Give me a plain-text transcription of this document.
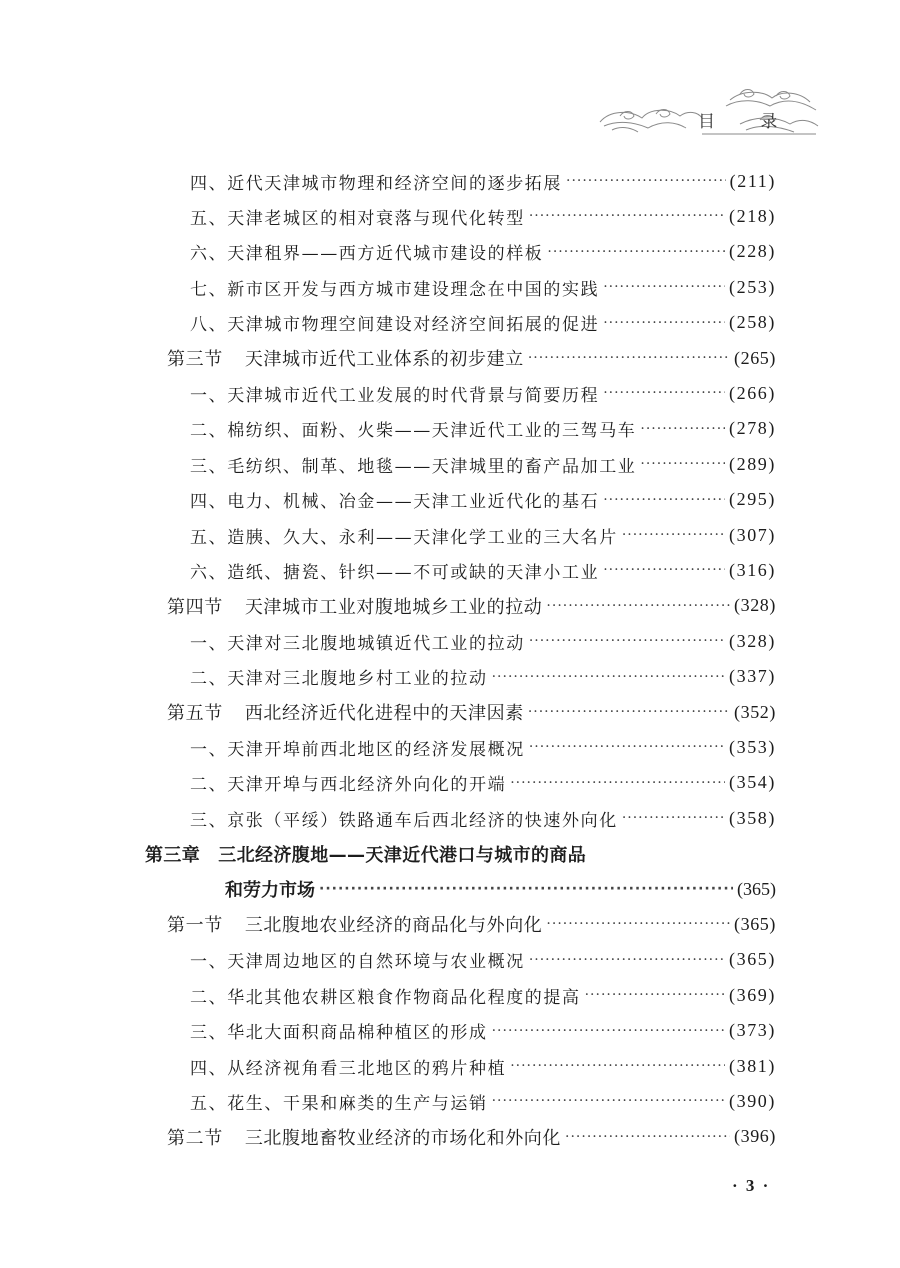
目 录
四、近代天津城市物理和经济空间的逐步拓展 ·····	(211)
五、天津老城区的相对衰落与现代化转型 ·····	(218)
六、天津租界——西方近代城市建设的样板 ·····	(228)
七、新市区开发与西方城市建设理念在中国的实践 ·····	(253)
八、天津城市物理空间建设对经济空间拓展的促进 ·····	(258)
第三节 天津城市近代工业体系的初步建立 ·····	(265)
一、天津城市近代工业发展的时代背景与简要历程 ·····	(266)
二、棉纺织、面粉、火柴——天津近代工业的三驾马车 ·····	(278)
三、毛纺织、制革、地毯——天津城里的畜产品加工业 ·····	(289)
四、电力、机械、冶金——天津工业近代化的基石 ·····	(295)
五、造胰、久大、永利——天津化学工业的三大名片 ·····	(307)
六、造纸、搪瓷、针织——不可或缺的天津小工业 ·····	(316)
第四节 天津城市工业对腹地城乡工业的拉动 ·····	(328)
一、天津对三北腹地城镇近代工业的拉动 ·····	(328)
二、天津对三北腹地乡村工业的拉动 ·····	(337)
第五节 西北经济近代化进程中的天津因素 ·····	(352)
一、天津开埠前西北地区的经济发展概况 ·····	(353)
二、天津开埠与西北经济外向化的开端 ·····	(354)
三、京张（平绥）铁路通车后西北经济的快速外向化 ·····	(358)
第三章 三北经济腹地——天津近代港口与城市的商品
和劳力市场 ·····	(365)
第一节 三北腹地农业经济的商品化与外向化 ·····	(365)
一、天津周边地区的自然环境与农业概况 ·····	(365)
二、华北其他农耕区粮食作物商品化程度的提高 ·····	(369)
三、华北大面积商品棉种植区的形成 ·····	(373)
四、从经济视角看三北地区的鸦片种植 ·····	(381)
五、花生、干果和麻类的生产与运销 ·····	(390)
第二节 三北腹地畜牧业经济的市场化和外向化 ·····	(396)
· 3 ·
